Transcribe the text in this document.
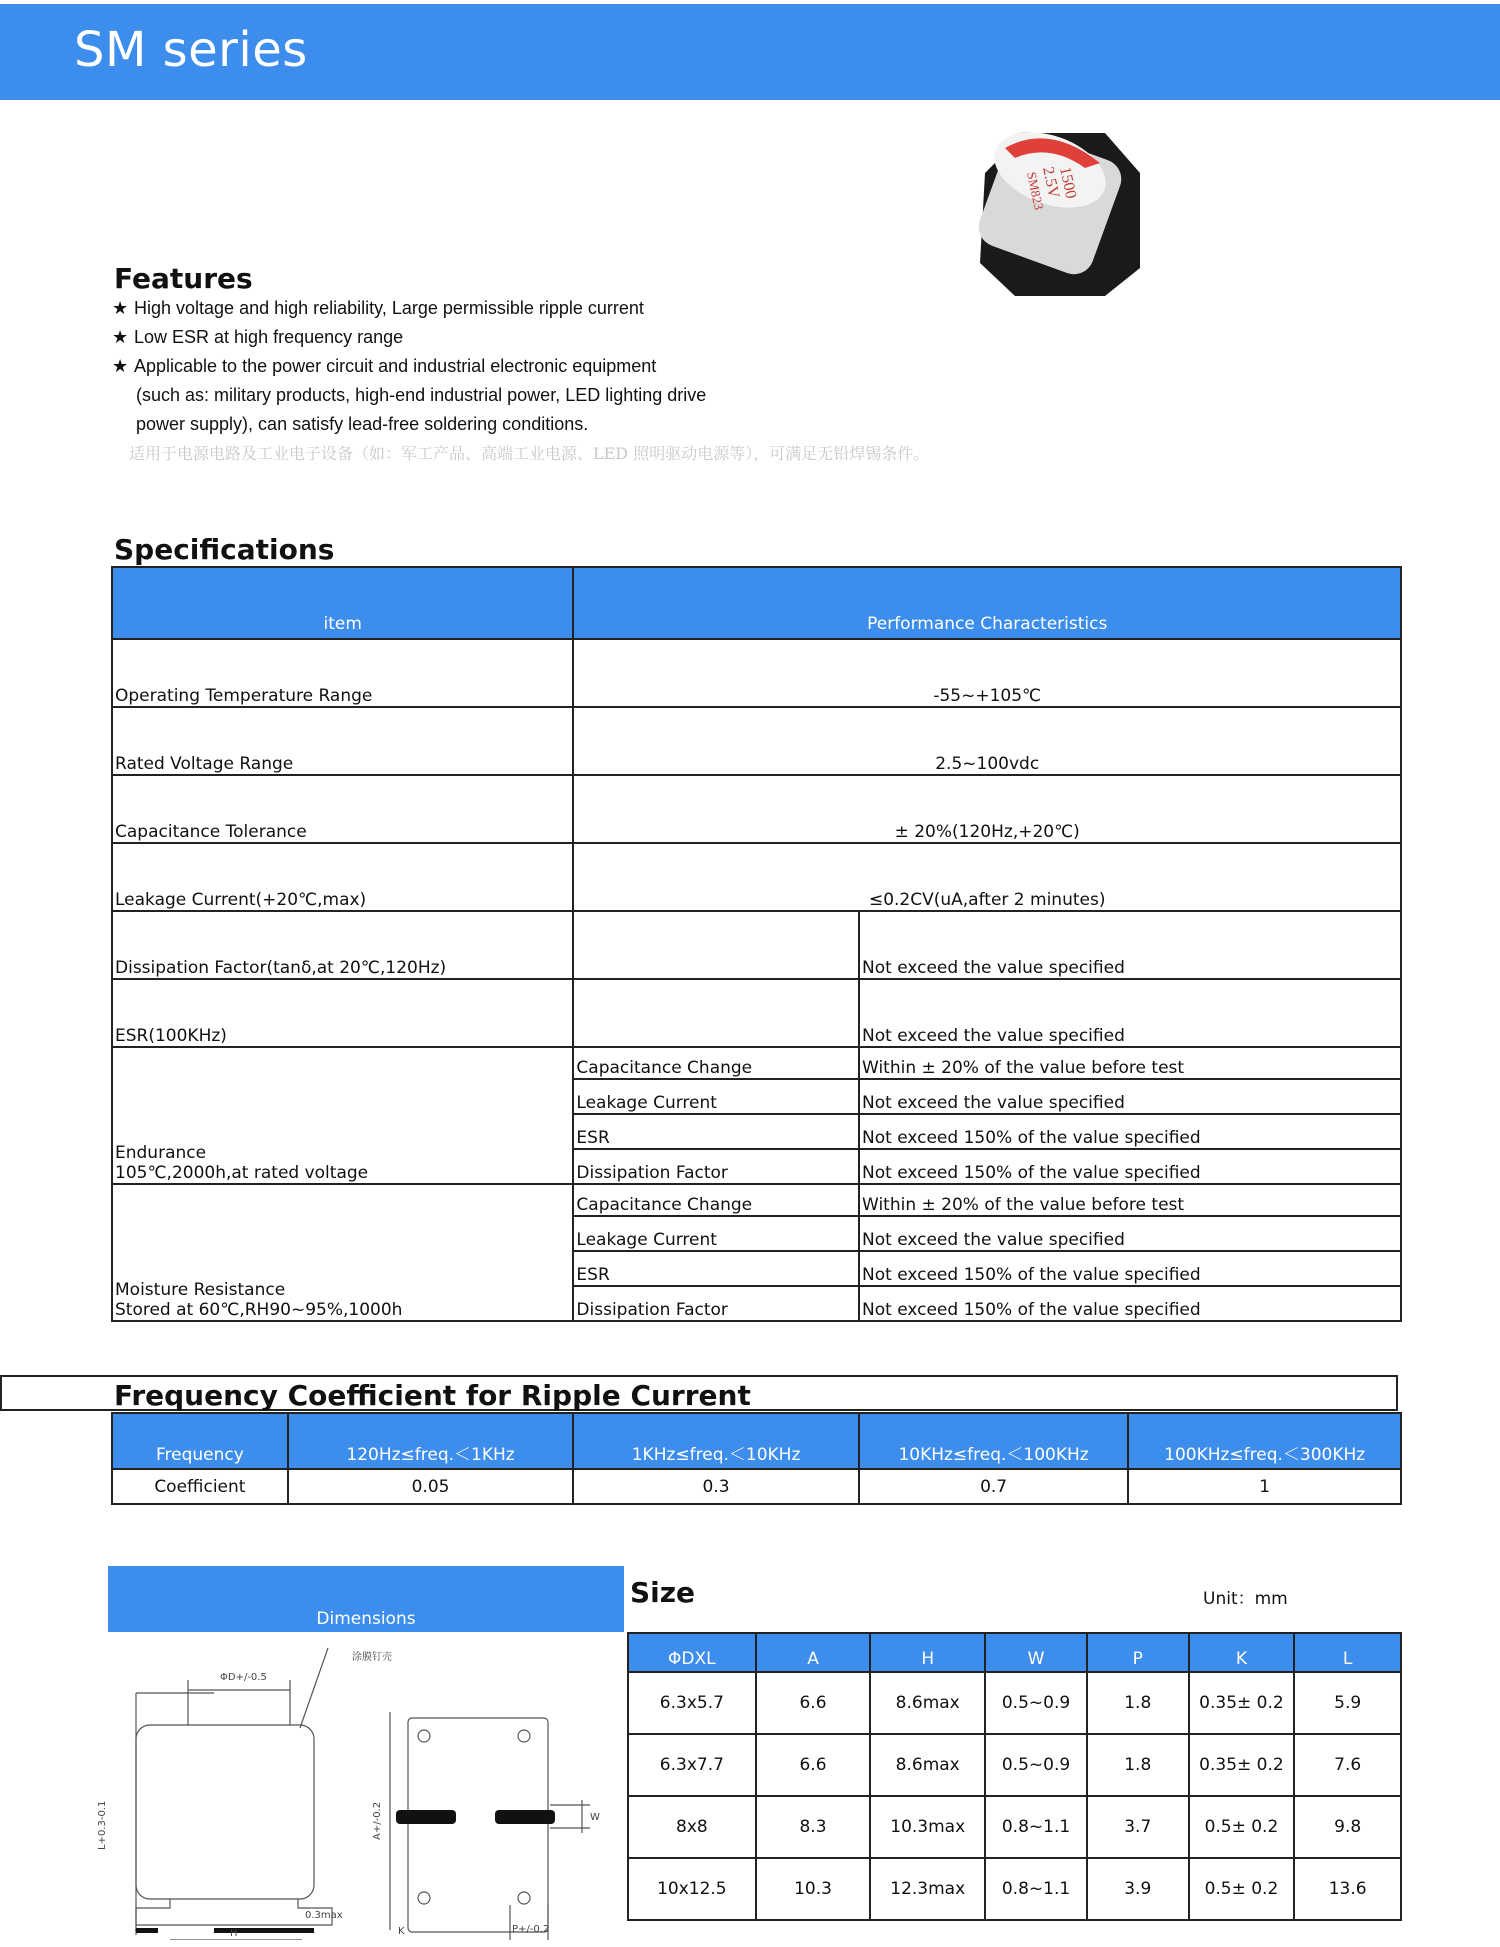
SM series
1500
2.5V
SM823
Features
★ High voltage and high reliability, Large permissible ripple current
★ Low ESR at high frequency range
★ Applicable to the power circuit and industrial electronic equipment
(such as: military products, high-end industrial power, LED lighting drive
power supply), can satisfy lead-free soldering conditions.
适用于电源电路及工业电子设备（如：军工产品、高端工业电源、LED 照明驱动电源等），可满足无铅焊锡条件。
Specifications
item	Performance Characteristics	
Operating Temperature Range	-55~+105℃	
Rated Voltage Range	2.5~100vdc	
Capacitance Tolerance	± 20%(120Hz,+20℃)	
Leakage Current(+20℃,max)	≤0.2CV(uA,after 2 minutes)	
Dissipation Factor(tanδ,at 20℃,120Hz)		Not exceed the value specified
ESR(100KHz)		Not exceed the value specified

Endurance
105℃,2000h,at rated voltage	Capacitance Change	Within ± 20% of the value before test
	Leakage Current	Not exceed the value specified
	ESR	Not exceed 150% of the value specified
	Dissipation Factor	Not exceed 150% of the value specified

Moisture Resistance
Stored at 60℃,RH90~95%,1000h	Capacitance Change	Within ± 20% of the value before test
	Leakage Current	Not exceed the value specified
	ESR	Not exceed 150% of the value specified
	Dissipation Factor	Not exceed 150% of the value specified
Frequency Coefficient for Ripple Current
Frequency	120Hz≤freq.＜1KHz	1KHz≤freq.＜10KHz	10KHz≤freq.＜100KHz	100KHz≤freq.＜300KHz
Coefficient	0.05	0.3	0.7	1
Dimensions
ΦD+/-0.5
涂膜钉壳
L+0.3-0.1
0.3max
H
A+/-0.2	W
K	P+/-0.2
Size	Unit：mm
ΦDXL	A	H	W	P	K	L
6.3x5.7	6.6	8.6max	0.5~0.9	1.8	0.35± 0.2	5.9
6.3x7.7	6.6	8.6max	0.5~0.9	1.8	0.35± 0.2	7.6
8x8	8.3	10.3max	0.8~1.1	3.7	0.5± 0.2	9.8
10x12.5	10.3	12.3max	0.8~1.1	3.9	0.5± 0.2	13.6
